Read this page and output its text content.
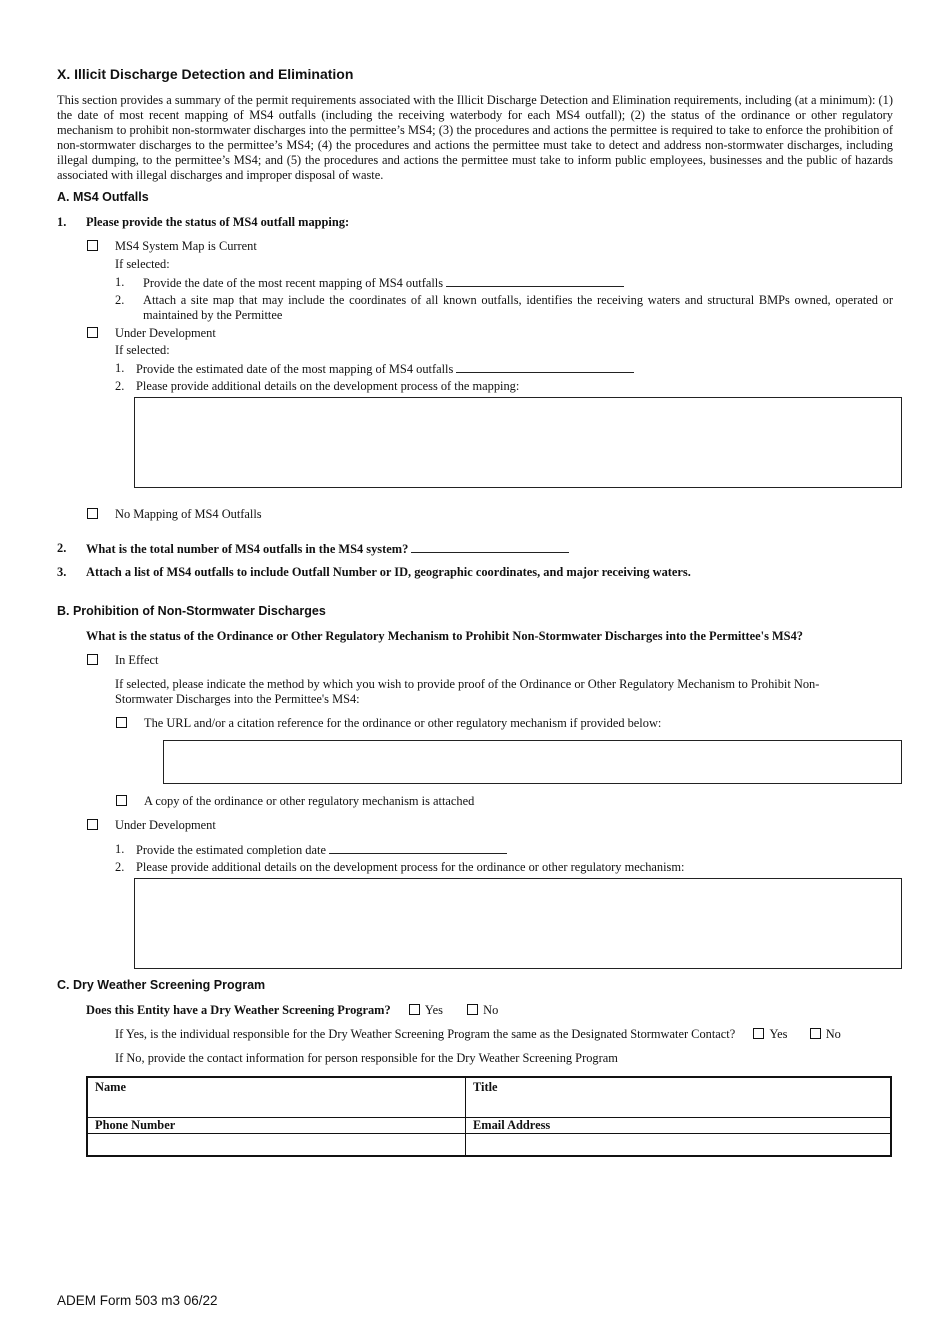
X. Illicit Discharge Detection and Elimination
This section provides a summary of the permit requirements associated with the Illicit Discharge Detection and Elimination requirements, including (at a minimum): (1) the date of most recent mapping of MS4 outfalls (including the receiving waterbody for each MS4 outfall); (2) the status of the ordinance or other regulatory mechanism to prohibit non-stormwater discharges into the permittee’s MS4; (3) the procedures and actions the permittee is required to take to enforce the prohibition of non-stormwater discharges to the permittee’s MS4; (4) the procedures and actions the permittee must take to detect and address non-stormwater discharges, including illegal dumping, to the permittee’s MS4; and (5) the procedures and actions the permittee must take to inform public employees, businesses and the public of hazards associated with illegal discharges and improper disposal of waste.
A. MS4 Outfalls
1. Please provide the status of MS4 outfall mapping:
MS4 System Map is Current
If selected:
1. Provide the date of the most recent mapping of MS4 outfalls
2. Attach a site map that may include the coordinates of all known outfalls, identifies the receiving waters and structural BMPs owned, operated or maintained by the Permittee
Under Development
If selected:
1. Provide the estimated date of the most mapping of MS4 outfalls
2. Please provide additional details on the development process of the mapping:
No Mapping of MS4 Outfalls
2. What is the total number of MS4 outfalls in the MS4 system?
3. Attach a list of MS4 outfalls to include Outfall Number or ID, geographic coordinates, and major receiving waters.
B. Prohibition of Non-Stormwater Discharges
What is the status of the Ordinance or Other Regulatory Mechanism to Prohibit Non-Stormwater Discharges into the Permittee's MS4?
In Effect
If selected, please indicate the method by which you wish to provide proof of the Ordinance or Other Regulatory Mechanism to Prohibit Non-Stormwater Discharges into the Permittee's MS4:
The URL and/or a citation reference for the ordinance or other regulatory mechanism if provided below:
A copy of the ordinance or other regulatory mechanism is attached
Under Development
1. Provide the estimated completion date
2. Please provide additional details on the development process for the ordinance or other regulatory mechanism:
C. Dry Weather Screening Program
Does this Entity have a Dry Weather Screening Program?	Yes	No
If Yes, is the individual responsible for the Dry Weather Screening Program the same as the Designated Stormwater Contact?	Yes	No
If No, provide the contact information for person responsible for the Dry Weather Screening Program
Name	Title
Phone Number	Email Address

ADEM Form 503 m3 06/22
